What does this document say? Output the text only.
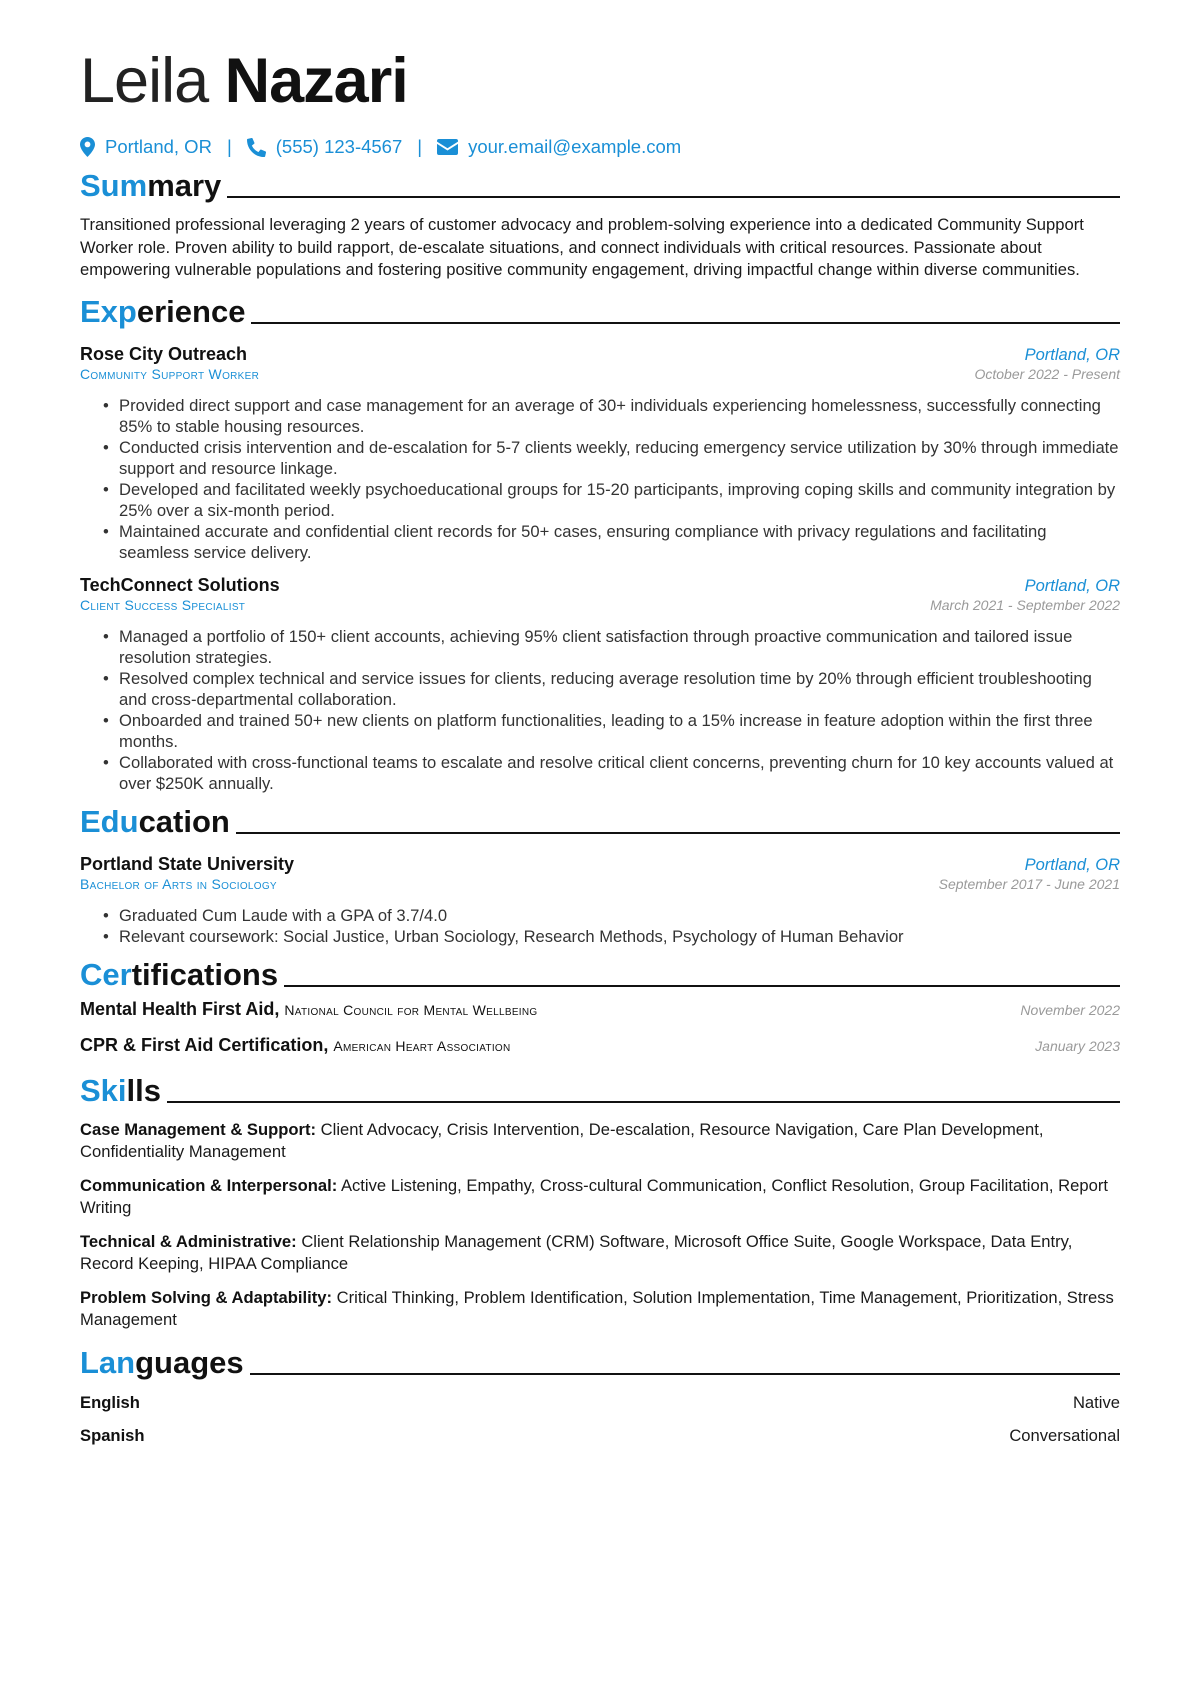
Leila Nazari
Portland, OR | (555) 123-4567 | your.email@example.com
Summary
Transitioned professional leveraging 2 years of customer advocacy and problem-solving experience into a dedicated Community Support Worker role. Proven ability to build rapport, de-escalate situations, and connect individuals with critical resources. Passionate about empowering vulnerable populations and fostering positive community engagement, driving impactful change within diverse communities.
Experience
Rose City Outreach	Portland, OR
Community Support Worker	October 2022 - Present
• Provided direct support and case management for an average of 30+ individuals experiencing homelessness, successfully connecting 85% to stable housing resources.
• Conducted crisis intervention and de-escalation for 5-7 clients weekly, reducing emergency service utilization by 30% through immediate support and resource linkage.
• Developed and facilitated weekly psychoeducational groups for 15-20 participants, improving coping skills and community integration by 25% over a six-month period.
• Maintained accurate and confidential client records for 50+ cases, ensuring compliance with privacy regulations and facilitating seamless service delivery.
TechConnect Solutions	Portland, OR
Client Success Specialist	March 2021 - September 2022
• Managed a portfolio of 150+ client accounts, achieving 95% client satisfaction through proactive communication and tailored issue resolution strategies.
• Resolved complex technical and service issues for clients, reducing average resolution time by 20% through efficient troubleshooting and cross-departmental collaboration.
• Onboarded and trained 50+ new clients on platform functionalities, leading to a 15% increase in feature adoption within the first three months.
• Collaborated with cross-functional teams to escalate and resolve critical client concerns, preventing churn for 10 key accounts valued at over $250K annually.
Education
Portland State University	Portland, OR
Bachelor of Arts in Sociology	September 2017 - June 2021
• Graduated Cum Laude with a GPA of 3.7/4.0
• Relevant coursework: Social Justice, Urban Sociology, Research Methods, Psychology of Human Behavior
Certifications
Mental Health First Aid, National Council for Mental Wellbeing	November 2022
CPR & First Aid Certification, American Heart Association	January 2023
Skills
Case Management & Support: Client Advocacy, Crisis Intervention, De-escalation, Resource Navigation, Care Plan Development, Confidentiality Management
Communication & Interpersonal: Active Listening, Empathy, Cross-cultural Communication, Conflict Resolution, Group Facilitation, Report Writing
Technical & Administrative: Client Relationship Management (CRM) Software, Microsoft Office Suite, Google Workspace, Data Entry, Record Keeping, HIPAA Compliance
Problem Solving & Adaptability: Critical Thinking, Problem Identification, Solution Implementation, Time Management, Prioritization, Stress Management
Languages
English	Native
Spanish	Conversational
